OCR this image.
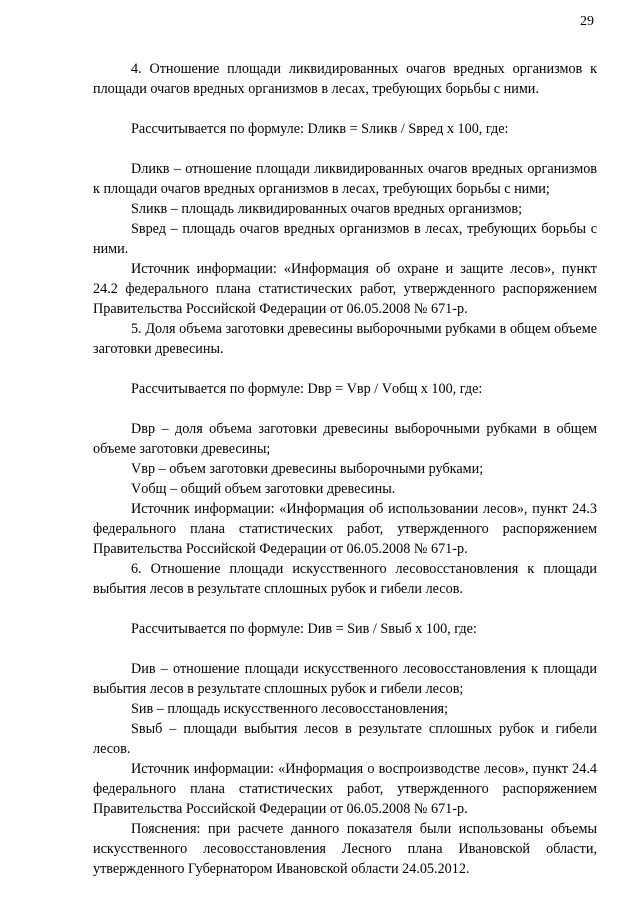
29

4. Отношение площади ликвидированных очагов вредных организмов к площади очагов вредных организмов в лесах, требующих борьбы с ними.

Рассчитывается по формуле: Dликв = Sликв / Sвред x 100, где:

Dликв – отношение площади ликвидированных очагов вредных организмов к площади очагов вредных организмов в лесах, требующих борьбы с ними;

Sликв – площадь ликвидированных очагов вредных организмов;

Sвред – площадь очагов вредных организмов в лесах, требующих борьбы с ними.

Источник информации: «Информация об охране и защите лесов», пункт 24.2 федерального плана статистических работ, утвержденного распоряжением Правительства Российской Федерации от 06.05.2008 № 671-р.

5. Доля объема заготовки древесины выборочными рубками в общем объеме заготовки древесины.

Рассчитывается по формуле: Dвр = Vвр / Vобщ x 100, где:

Dвр – доля объема заготовки древесины выборочными рубками в общем объеме заготовки древесины;

Vвр – объем заготовки древесины выборочными рубками;

Vобщ – общий объем заготовки древесины.

Источник информации: «Информация об использовании лесов», пункт 24.3 федерального плана статистических работ, утвержденного распоряжением Правительства Российской Федерации от 06.05.2008 № 671-р.

6. Отношение площади искусственного лесовосстановления к площади выбытия лесов в результате сплошных рубок и гибели лесов.

Рассчитывается по формуле: Dив = Sив / Sвыб x 100, где:

Dив – отношение площади искусственного лесовосстановления к площади выбытия лесов в результате сплошных рубок и гибели лесов;

Sив – площадь искусственного лесовосстановления;

Sвыб – площади выбытия лесов в результате сплошных рубок и гибели лесов.

Источник информации: «Информация о воспроизводстве лесов», пункт 24.4 федерального плана статистических работ, утвержденного распоряжением Правительства Российской Федерации от 06.05.2008 № 671-р.

Пояснения: при расчете данного показателя были использованы объемы искусственного лесовосстановления Лесного плана Ивановской области, утвержденного Губернатором Ивановской области 24.05.2012.
